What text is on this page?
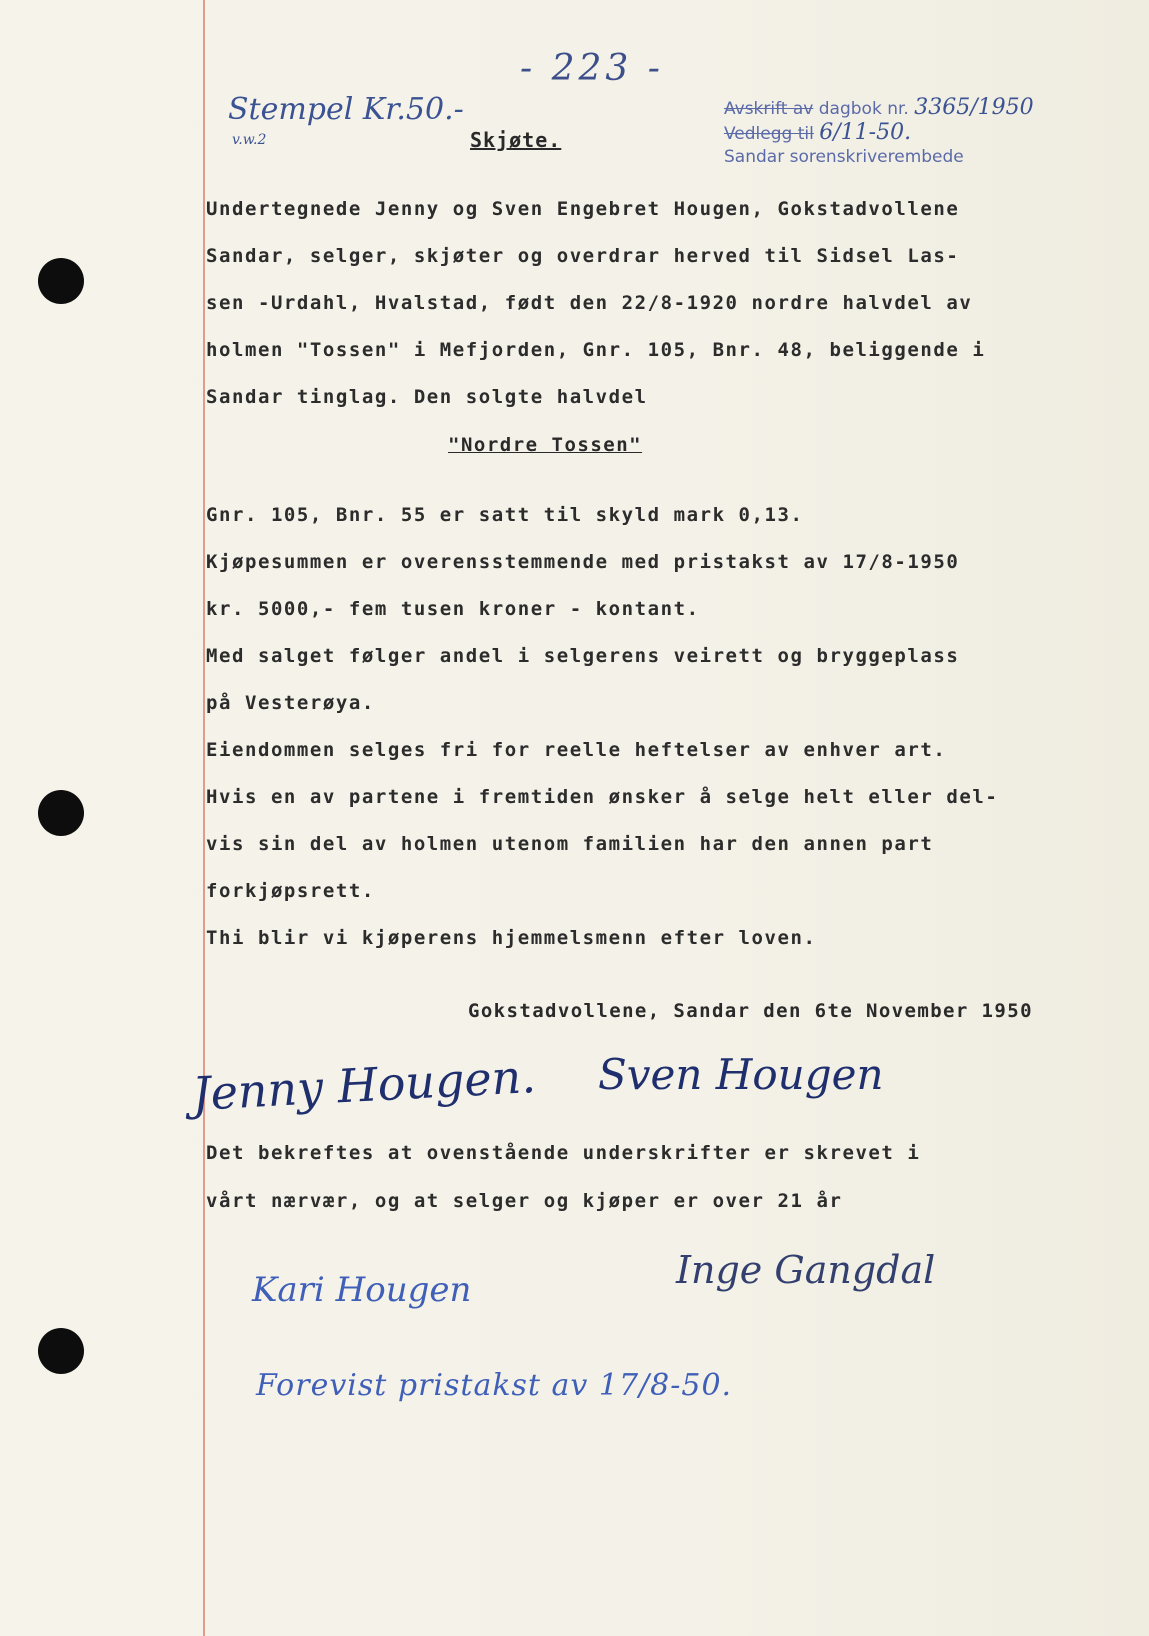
- 223 -
Stempel Kr.50.-
v.w.2
Avskrift av dagbok nr. 3365/1950
Vedlegg til 6/11-50.
Sandar sorenskriverembede
Skjøte.
Undertegnede Jenny og Sven Engebret Hougen, Gokstadvollene
Sandar, selger, skjøter og overdrar herved til Sidsel Las-
sen -Urdahl, Hvalstad, født den 22/8-1920 nordre halvdel av
holmen "Tossen" i Mefjorden, Gnr. 105, Bnr. 48, beliggende i
Sandar tinglag. Den solgte halvdel
"Nordre Tossen"
Gnr. 105, Bnr. 55 er satt til skyld mark 0,13.
Kjøpesummen er overensstemmende med pristakst av 17/8-1950
kr. 5000,- fem tusen kroner - kontant.
Med salget følger andel i selgerens veirett og bryggeplass
på Vesterøya.
Eiendommen selges fri for reelle heftelser av enhver art.
Hvis en av partene i fremtiden ønsker å selge helt eller del-
vis sin del av holmen utenom familien har den annen part
forkjøpsrett.
Thi blir vi kjøperens hjemmelsmenn efter loven.
Gokstadvollene, Sandar den 6te November 1950
Jenny Hougen. Sven Hougen
Det bekreftes at ovenstående underskrifter er skrevet i
vårt nærvær, og at selger og kjøper er over 21 år
Kari Hougen	Inge Gangdal
Forevist pristakst av 17/8-50.
